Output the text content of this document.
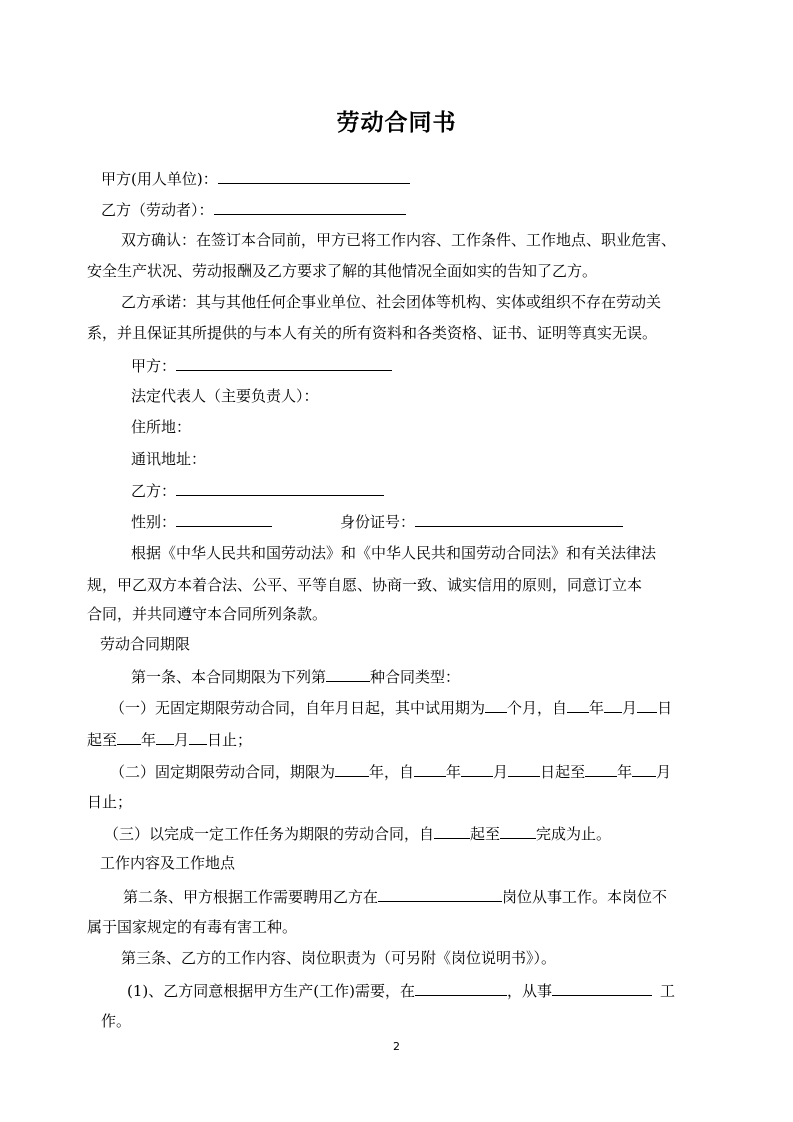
劳动合同书
甲方(用人单位)：
乙方（劳动者）：
双方确认：在签订本合同前，甲方已将工作内容、工作条件、工作地点、职业危害、
安全生产状况、劳动报酬及乙方要求了解的其他情况全面如实的告知了乙方。
乙方承诺：其与其他任何企事业单位、社会团体等机构、实体或组织不存在劳动关
系，并且保证其所提供的与本人有关的所有资料和各类资格、证书、证明等真实无误。
甲方：
法定代表人（主要负责人）：
住所地：
通讯地址：
乙方：
性别：	身份证号：
根据《中华人民共和国劳动法》和《中华人民共和国劳动合同法》和有关法律法
规，甲乙双方本着合法、公平、平等自愿、协商一致、诚实信用的原则，同意订立本
合同，并共同遵守本合同所列条款。
劳动合同期限
第一条、本合同期限为下列第	种合同类型：
（一）无固定期限劳动合同，自年月日起，其中试用期为 个月，自 年 月 日
起至 年 月 日止；
（二）固定期限劳动合同，期限为 年，自 年 月 日起至 年 月
日止；
（三）以完成一定工作任务为期限的劳动合同，自 起至 完成为止。
工作内容及工作地点
第二条、甲方根据工作需要聘用乙方在	岗位从事工作。本岗位不
属于国家规定的有毒有害工种。
第三条、乙方的工作内容、岗位职责为（可另附《岗位说明书》）。
(1)、乙方同意根据甲方生产(工作)需要，在	，从事	工
作。
2
